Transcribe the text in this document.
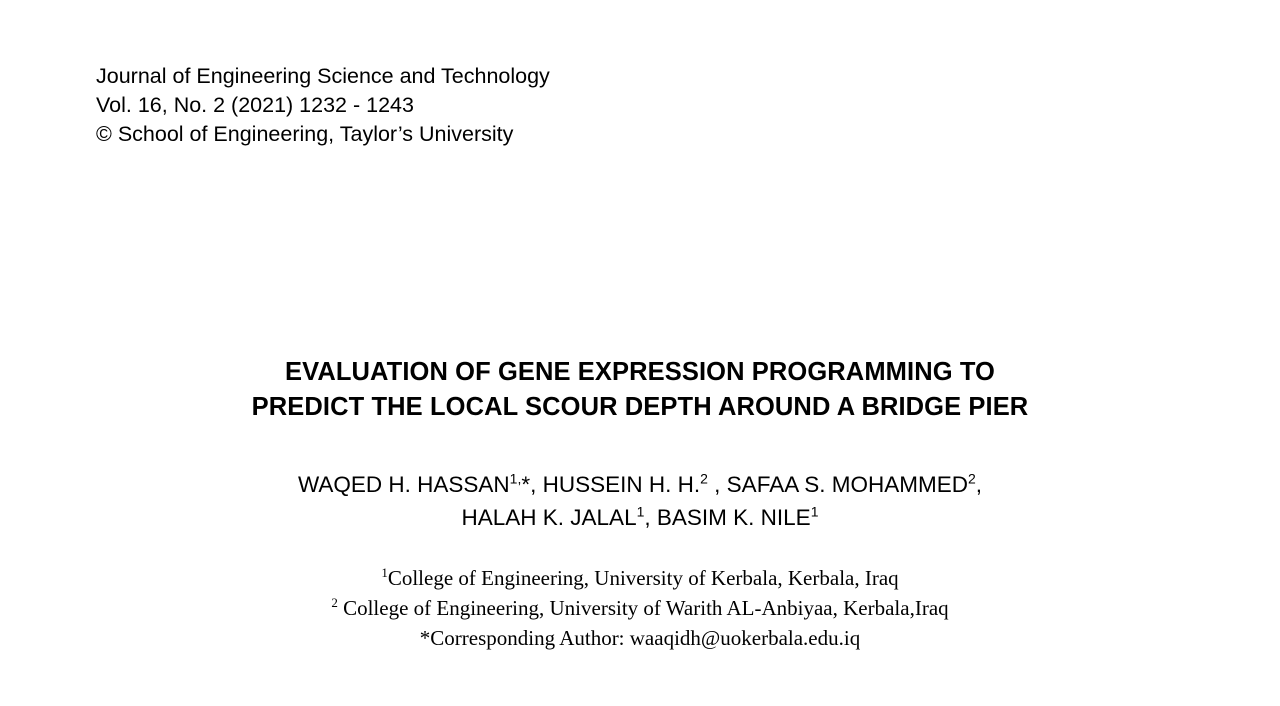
Journal of Engineering Science and Technology
Vol. 16, No. 2 (2021) 1232 - 1243
© School of Engineering, Taylor’s University
EVALUATION OF GENE EXPRESSION PROGRAMMING TO
PREDICT THE LOCAL SCOUR DEPTH AROUND A BRIDGE PIER
WAQED H. $HASSAN^{1,}*$, HUSSEIN H. H.$^2$ , SAFAA S. MOHAMMED$^2$,
HALAH K. JALAL$^1$, BASIM K. NILE$^1$
$^1$College of Engineering, University of Kerbala, Kerbala, Iraq
$^2$ College of Engineering, University of Warith AL-Anbiyaa, Kerbala,Iraq
*Corresponding Author: waaqidh@uokerbala.edu.iq
